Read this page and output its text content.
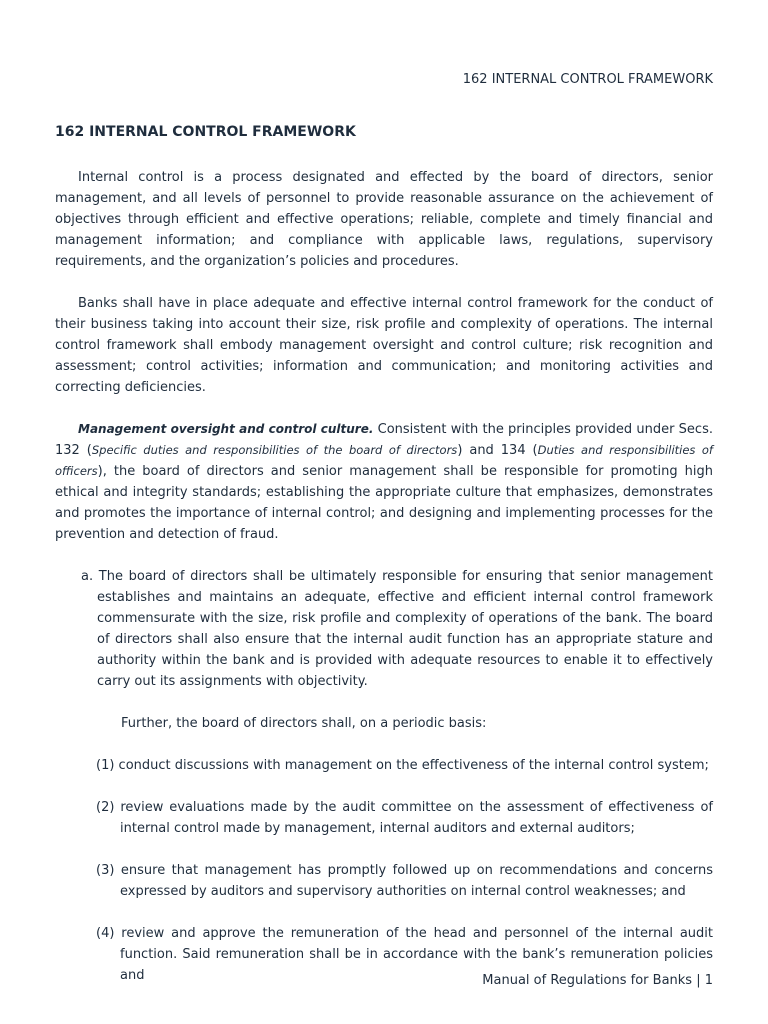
162 INTERNAL CONTROL FRAMEWORK
162 INTERNAL CONTROL FRAMEWORK

Internal control is a process designated and effected by the board of directors, senior management, and all levels of personnel to provide reasonable assurance on the achievement of objectives through efficient and effective operations; reliable, complete and timely financial and management information; and compliance with applicable laws, regulations, supervisory requirements, and the organization’s policies and procedures.

Banks shall have in place adequate and effective internal control framework for the conduct of their business taking into account their size, risk profile and complexity of operations. The internal control framework shall embody management oversight and control culture; risk recognition and assessment; control activities; information and communication; and monitoring activities and correcting deficiencies.

Management oversight and control culture. Consistent with the principles provided under Secs. 132 (Specific duties and responsibilities of the board of directors) and 134 (Duties and responsibilities of officers), the board of directors and senior management shall be responsible for promoting high ethical and integrity standards; establishing the appropriate culture that emphasizes, demonstrates and promotes the importance of internal control; and designing and implementing processes for the prevention and detection of fraud.

a. The board of directors shall be ultimately responsible for ensuring that senior management establishes and maintains an adequate, effective and efficient internal control framework commensurate with the size, risk profile and complexity of operations of the bank. The board of directors shall also ensure that the internal audit function has an appropriate stature and authority within the bank and is provided with adequate resources to enable it to effectively carry out its assignments with objectivity.
Further, the board of directors shall, on a periodic basis:
(1) conduct discussions with management on the effectiveness of the internal control system;
(2) review evaluations made by the audit committee on the assessment of effectiveness of internal control made by management, internal auditors and external auditors;
(3) ensure that management has promptly followed up on recommendations and concerns expressed by auditors and supervisory authorities on internal control weaknesses; and
(4) review and approve the remuneration of the head and personnel of the internal audit function. Said remuneration shall be in accordance with the bank’s remuneration policies and	Manual of Regulations for Banks | 1
